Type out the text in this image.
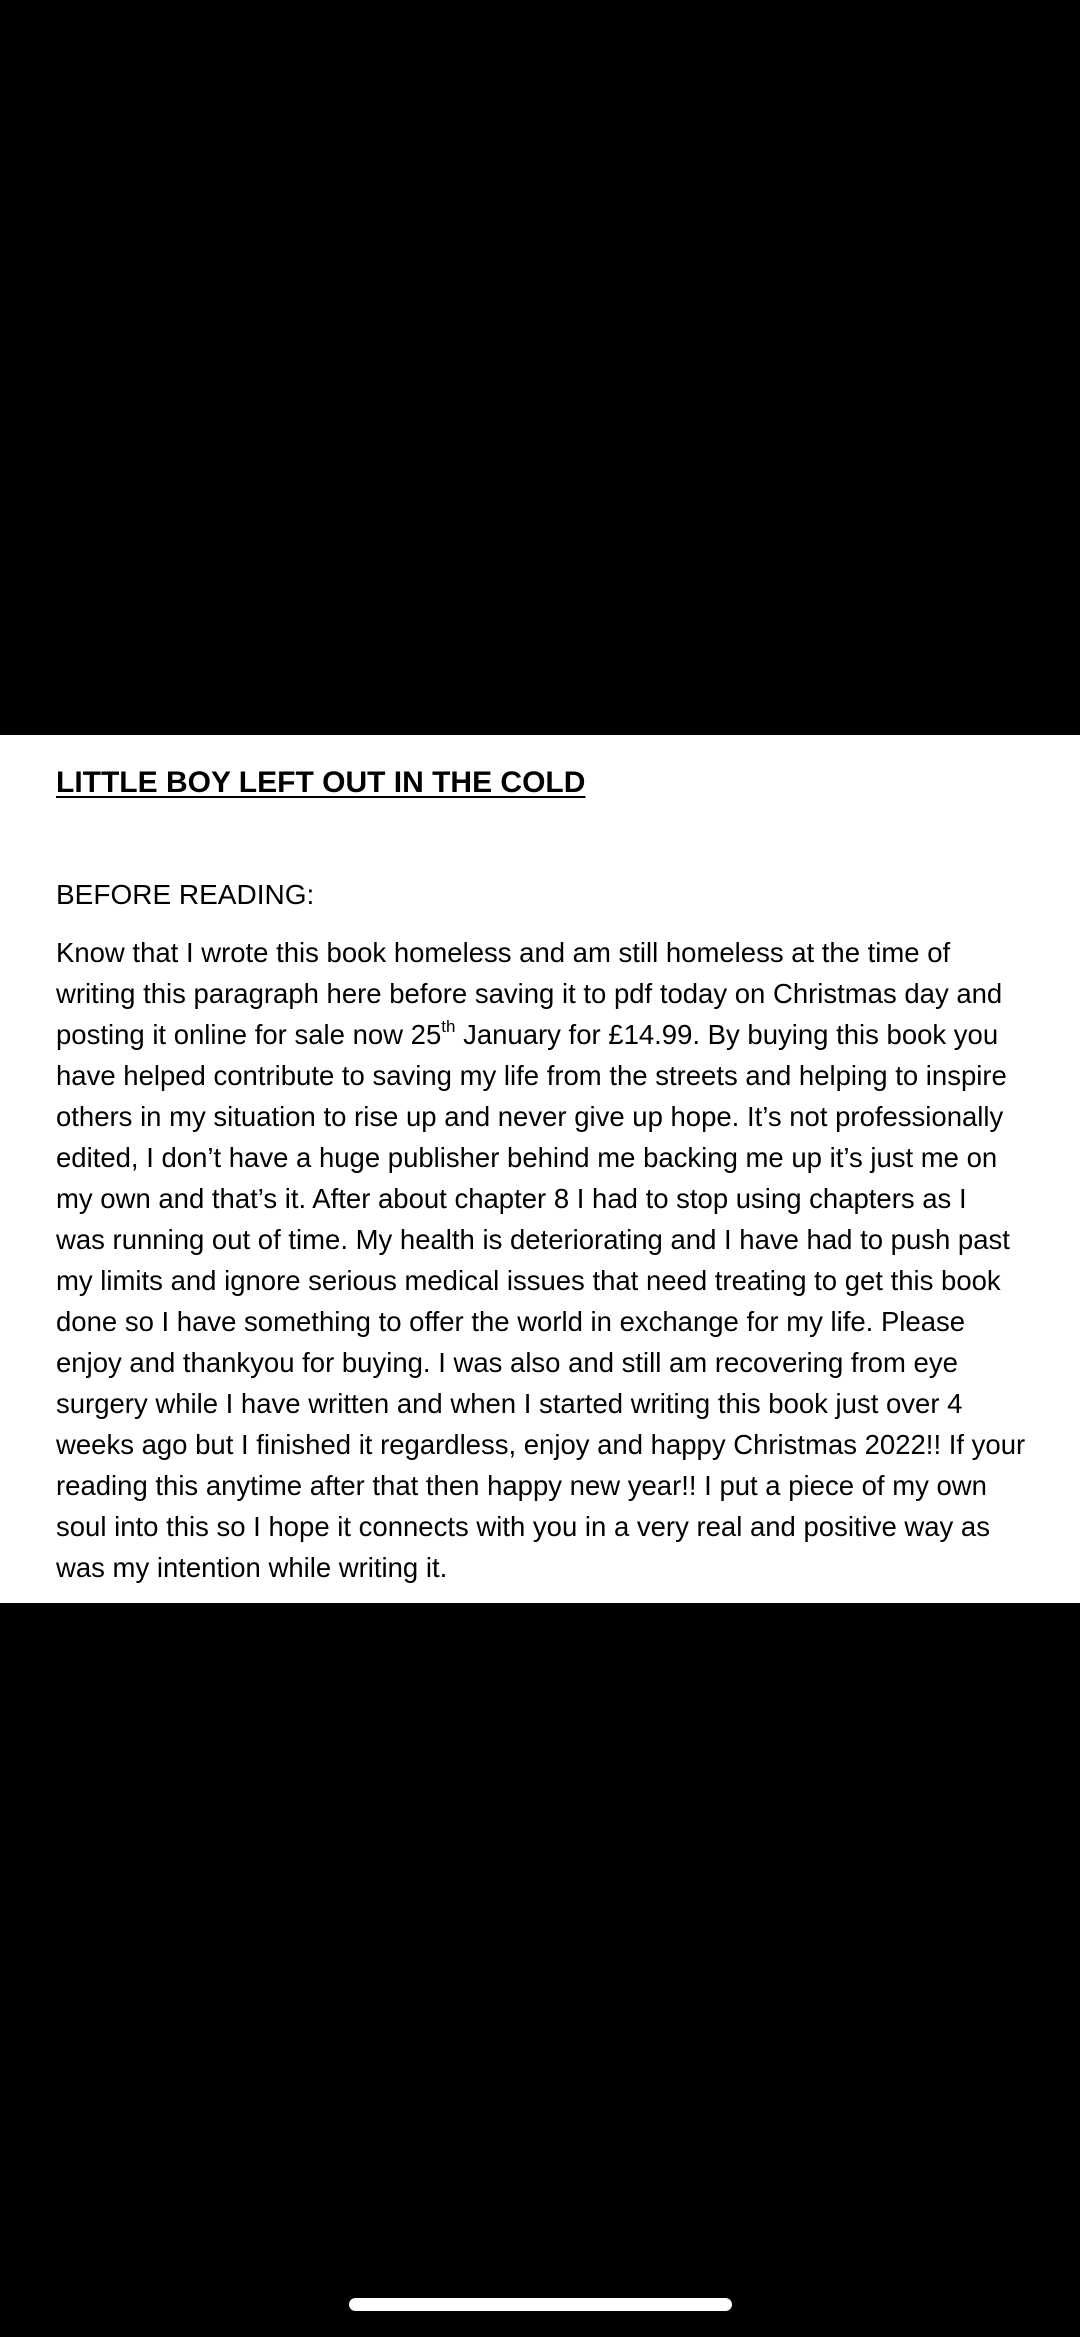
LITTLE BOY LEFT OUT IN THE COLD

BEFORE READING:

Know that I wrote this book homeless and am still homeless at the time of
writing this paragraph here before saving it to pdf today on Christmas day and
posting it online for sale now 25th January for £14.99. By buying this book you
have helped contribute to saving my life from the streets and helping to inspire
others in my situation to rise up and never give up hope. It’s not professionally
edited, I don’t have a huge publisher behind me backing me up it’s just me on
my own and that’s it. After about chapter 8 I had to stop using chapters as I
was running out of time. My health is deteriorating and I have had to push past
my limits and ignore serious medical issues that need treating to get this book
done so I have something to offer the world in exchange for my life. Please
enjoy and thankyou for buying. I was also and still am recovering from eye
surgery while I have written and when I started writing this book just over 4
weeks ago but I finished it regardless, enjoy and happy Christmas 2022!! If your
reading this anytime after that then happy new year!! I put a piece of my own
soul into this so I hope it connects with you in a very real and positive way as
was my intention while writing it.
